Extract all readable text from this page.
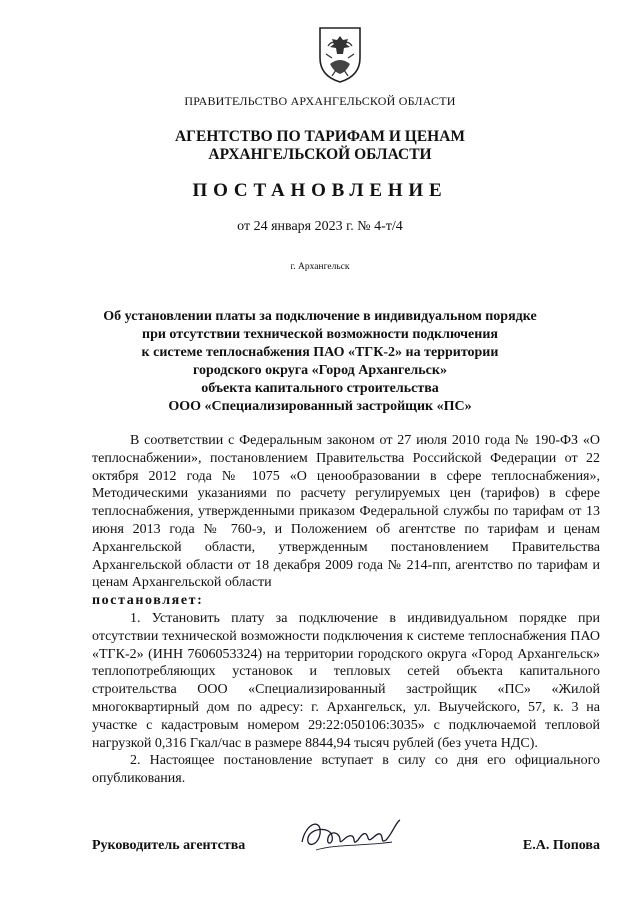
ПРАВИТЕЛЬСТВО АРХАНГЕЛЬСКОЙ ОБЛАСТИ
АГЕНТСТВО ПО ТАРИФАМ И ЦЕНАМ
АРХАНГЕЛЬСКОЙ ОБЛАСТИ
ПОСТАНОВЛЕНИЕ
от 24 января 2023 г. № 4-т/4
г. Архангельск
Об установлении платы за подключение в индивидуальном порядке
при отсутствии технической возможности подключения
к системе теплоснабжения ПАО «ТГК-2» на территории
городского округа «Город Архангельск»
объекта капитального строительства
ООО «Специализированный застройщик «ПС»

В соответствии с Федеральным законом от 27 июля 2010 года № 190-ФЗ «О теплоснабжении», постановлением Правительства Российской Федерации от 22 октября 2012 года № 1075 «О ценообразовании в сфере теплоснабжения», Методическими указаниями по расчету регулируемых цен (тарифов) в сфере теплоснабжения, утвержденными приказом Федеральной службы по тарифам от 13 июня 2013 года № 760-э, и Положением об агентстве по тарифам и ценам Архангельской области, утвержденным постановлением Правительства Архангельской области от 18 декабря 2009 года № 214-пп, агентство по тарифам и ценам Архангельской области

постановляет:

1. Установить плату за подключение в индивидуальном порядке при отсутствии технической возможности подключения к системе теплоснабжения ПАО «ТГК-2» (ИНН 7606053324) на территории городского округа «Город Архангельск» теплопотребляющих установок и тепловых сетей объекта капитального строительства ООО «Специализированный застройщик «ПС» «Жилой многоквартирный дом по адресу: г. Архангельск, ул. Выучейского, 57, к. 3 на участке с кадастровым номером 29:22:050106:3035» с подключаемой тепловой нагрузкой 0,316 Гкал/час в размере 8844,94 тысяч рублей (без учета НДС).

2. Настоящее постановление вступает в силу со дня его официального опубликования.

Руководитель агентства	Е.А. Попова
